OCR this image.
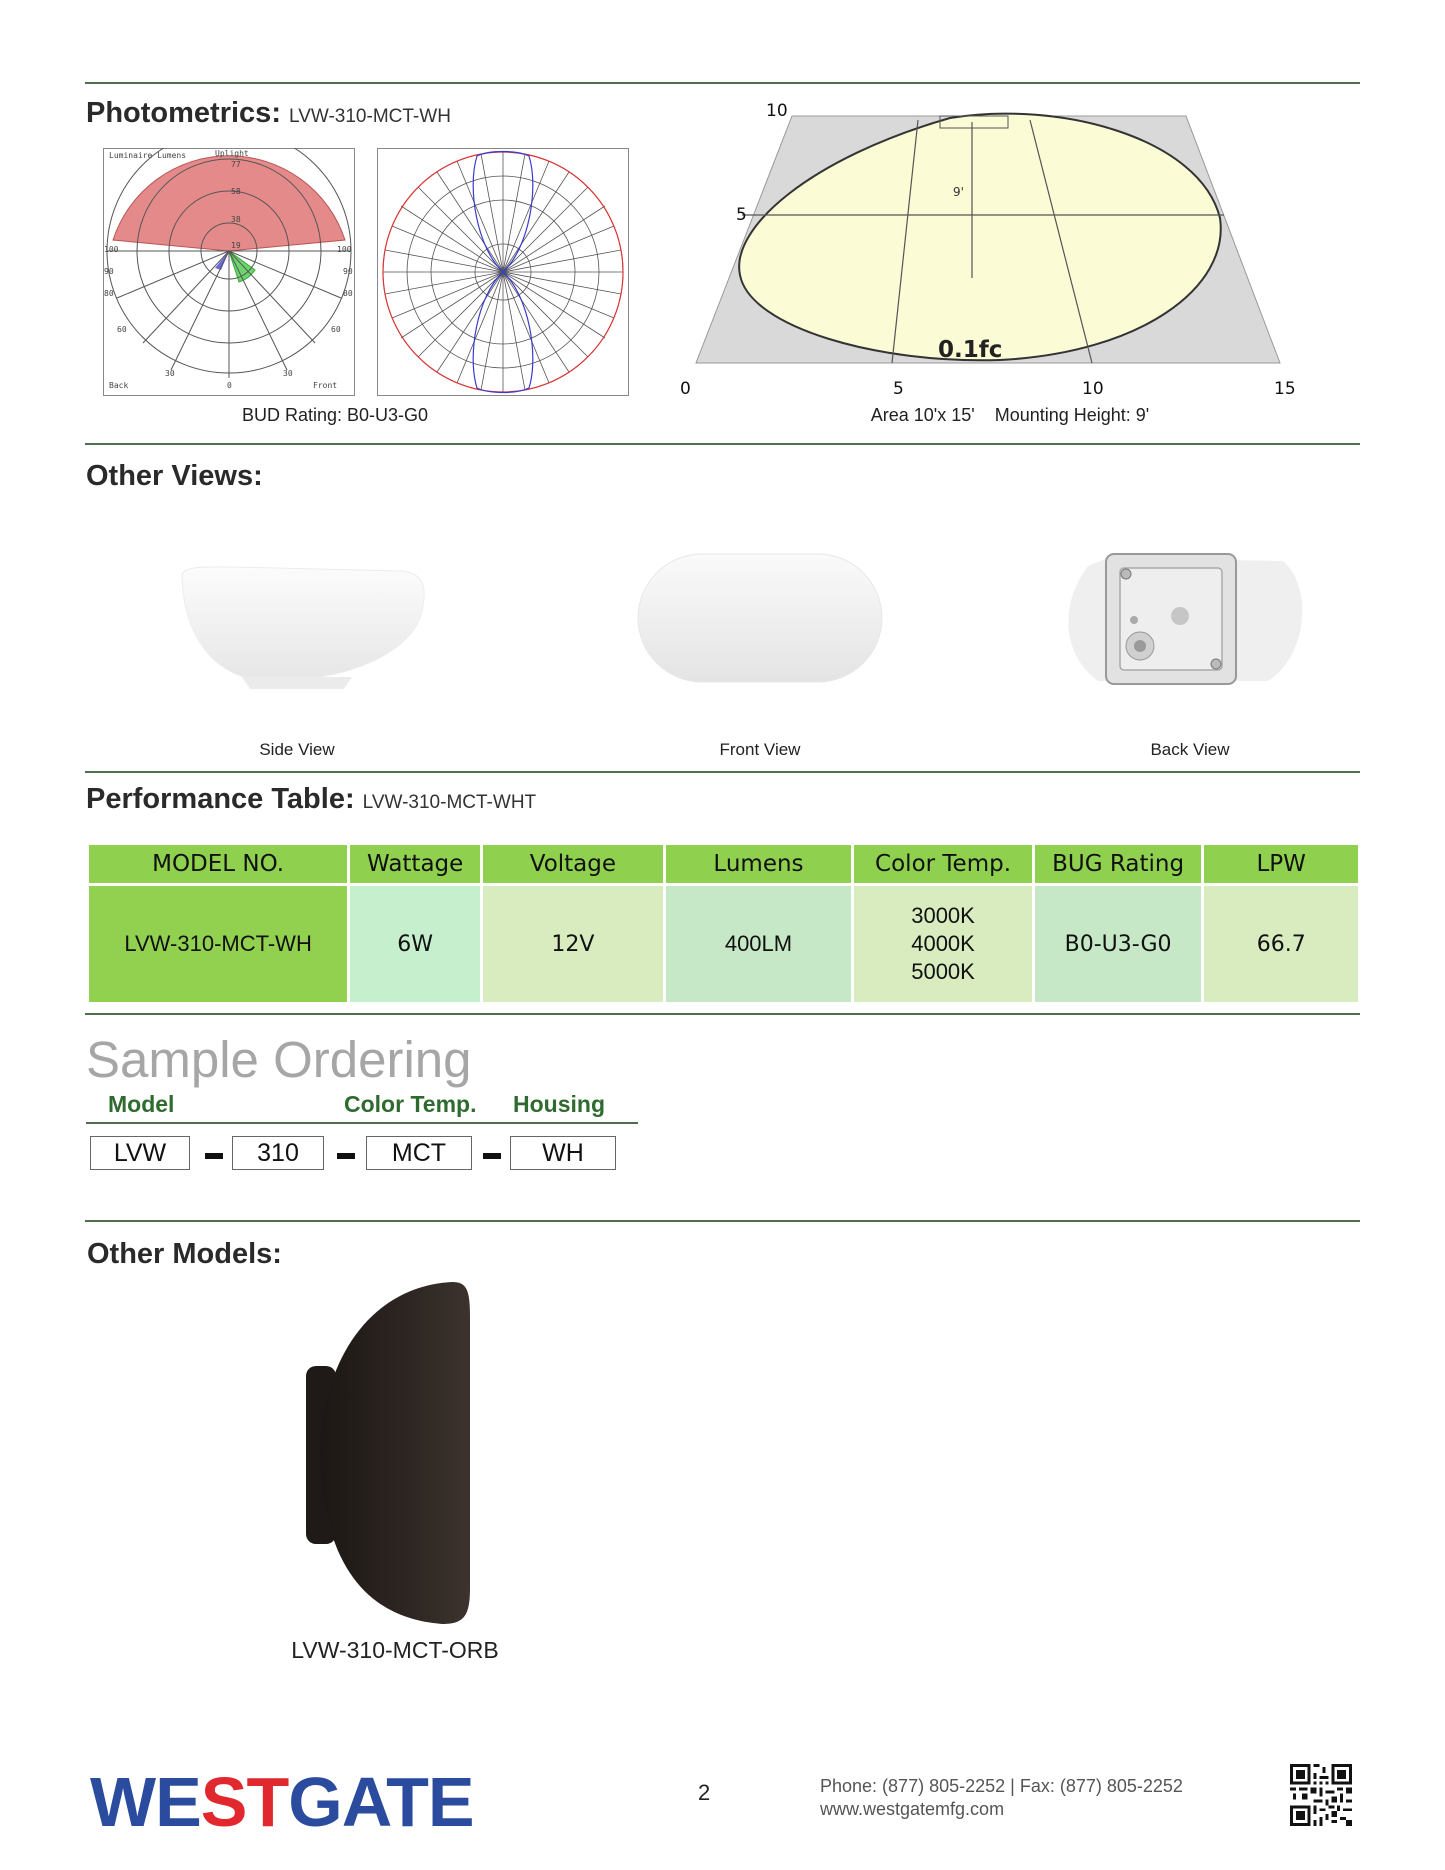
Photometrics: LVW-310-MCT-WH
Luminaire Lumens	Uplight
77
58
38
19
100
90
80
60
30
100
90
80
60
30
0
Back	Front
BUD Rating: B0-U3-G0
10
5
0	5	10	15
9'
0.1fc
Area 10'x 15' Mounting Height: 9'
Other Views:
Side View	Front View	Back View
Performance Table: LVW-310-MCT-WHT
MODEL NO.	Wattage	Voltage	Lumens	Color Temp.	BUG Rating	LPW
LVW-310-MCT-WH	6W	12V	400LM	3000K
4000K
5000K	B0-U3-G0	66.7
Sample Ordering
Model	Color Temp. Housing
LVW	310	MCT	WH
Other Models:
LVW-310-MCT-ORB
WESTGATE	2	Phone: (877) 805-2252 | Fax: (877) 805-2252
www.westgatemfg.com
